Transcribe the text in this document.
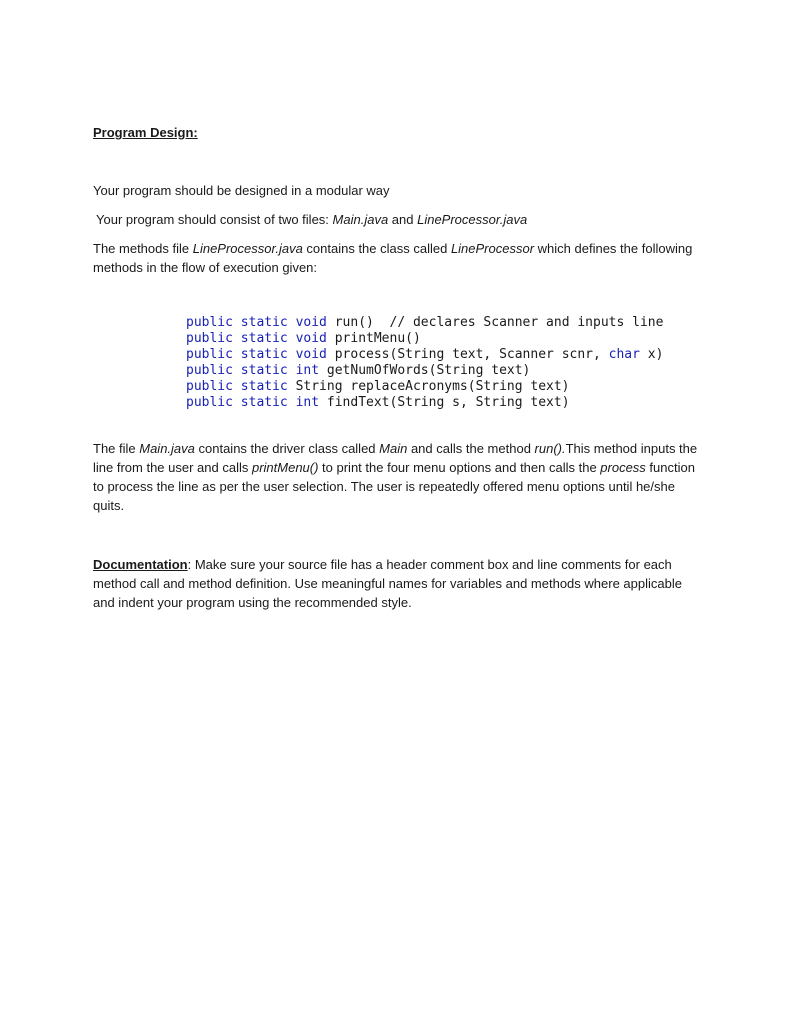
Program Design:
Your program should be designed in a modular way
Your program should consist of two files: Main.java and LineProcessor.java
The methods file LineProcessor.java contains the class called LineProcessor which defines the following methods in the flow of execution given:
public static void run()  // declares Scanner and inputs line
public static void printMenu()
public static void process(String text, Scanner scnr, char x)
public static int getNumOfWords(String text)
public static String replaceAcronyms(String text)
public static int findText(String s, String text)
The file Main.java contains the driver class called Main and calls the method run().This method inputs the line from the user and calls printMenu() to print the four menu options and then calls the process function to process the line as per the user selection. The user is repeatedly offered menu options until he/she quits.
Documentation: Make sure your source file has a header comment box and line comments for each method call and method definition. Use meaningful names for variables and methods where applicable and indent your program using the recommended style.
